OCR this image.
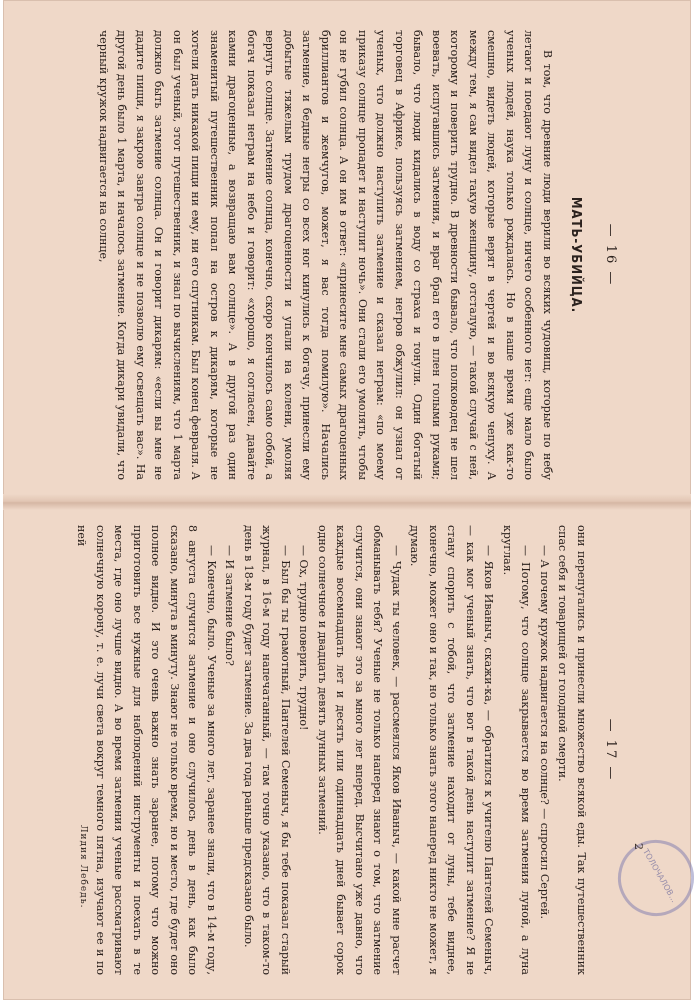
— 16 —
МАТЬ-УБИЙЦА.

В том, что древние люди верили во всяких чудовищ, которые по небу летают и поедают луну и солнце, ничего особенного нет: еще мало было ученых людей, наука только рождалась. Но в наше время уже как-то смешно, видеть людей, которые верят в чертей и во всякую чепуху. А между тем, я сам видел такую женщину, отсталую, — такой случай с ней, которому и поверить трудно. В древности бывало, что полководец не шел воевать, испугавшись затмения, и враг брал его в плен голыми руками; бывало, что люди кидались в воду со страха и тонули. Один богатый торговец в Африке, пользуясь затмением, негров обжулил: он узнал от ученых, что должно наступить затмение и сказал неграм: «по моему приказу солнце пропадет и наступит ночь». Они стали его умолять, чтобы он не губил солнца. А он им в ответ: «принесите мне самых драгоценных бриллиантов и жемчугов, может, я вас тогда помилую». Начались затмение, и бедные негры со всех ног кинулись к богачу, принесли ему добытые тяжелым трудом драгоценности и упали на колени, умоляя вернуть солнце. Затмение солнца, конечно, скоро кончилось само собой, а богач показал неграм на небо и говорит: «хорошо, я согласен, давайте камни драгоценные, а возвращаю вам солнце». А в другой раз один знаменитый путешественник попал на остров к дикарям, которые не хотели дать никакой пищи ни ему, ни его спутникам. Был конец февраля. А он был ученый, этот путешественник, и знал по вычислениям, что 1 марта должно быть затмение солнца. Он и говорит дикарям: «если вы мне не дадите пищи, я закрою завтра солнце и не позволю ему освещать вас». На другой день было 1 марта, и началось затмение. Когда дикари увидали, что черный кружок надвигается на солнце,

— 17 —

они перепугались и принесли множество всякой еды. Так путешественник спас себя и товарищей от голодной смерти.

— А почему кружок надвигается на солнце? — спросил Сергей.

— Потому, что солнце закрывается во время затмения луной, а луна круглая.

— Яков Иваныч, скажи-ка, — обратился к учителю Пантелей Семеныч, — как мог ученый знать, что вот в такой день наступит затмение? Я не стану спорить с тобой, что затмение находит от луны, тебе виднее, конечно, может оно и так, но только знать этого наперед никто не может, я думаю.

— Чудак ты человек, — рассмеялся Яков Иваныч, — какой мне расчет обманывать тебя? Ученые не только наперед знают о том, что затмение случится, они знают это за много лет вперед. Высчитано уже давно, что каждые восемнадцать лет и десять или одиннадцать дней бывает сорок одно солнечное и двадцать девять лунных затмений.

— Ох, трудно поверить, трудно!

— Был бы ты грамотный, Пантелей Семеныч, я бы тебе показал старый журнал, в 16-м году напечатанный, — там точно указано, что в таком-то день в 18-м году будет затмение. За два года раньше предсказано было.

— И затмение было?

— Конечно, было. Ученые за много лет, заранее знали, что в 14-м году, 8 августа случится затмение и оно случилось день в день, как было сказано, минута в минуту. Знают не только время, но и место, где будет оно полное видно. И это очень важно знать заранее, потому что можно приготовить все нужные для наблюдений инструменты и поехать в те места, где оно лучше видно. А во время затмения ученые рассматривают солнечную корону, т. е. лучи света вокруг темного пятна, изучают ее и по ней

Лидия Лебедь.	ТОЛОЧАЛОВ...
2
